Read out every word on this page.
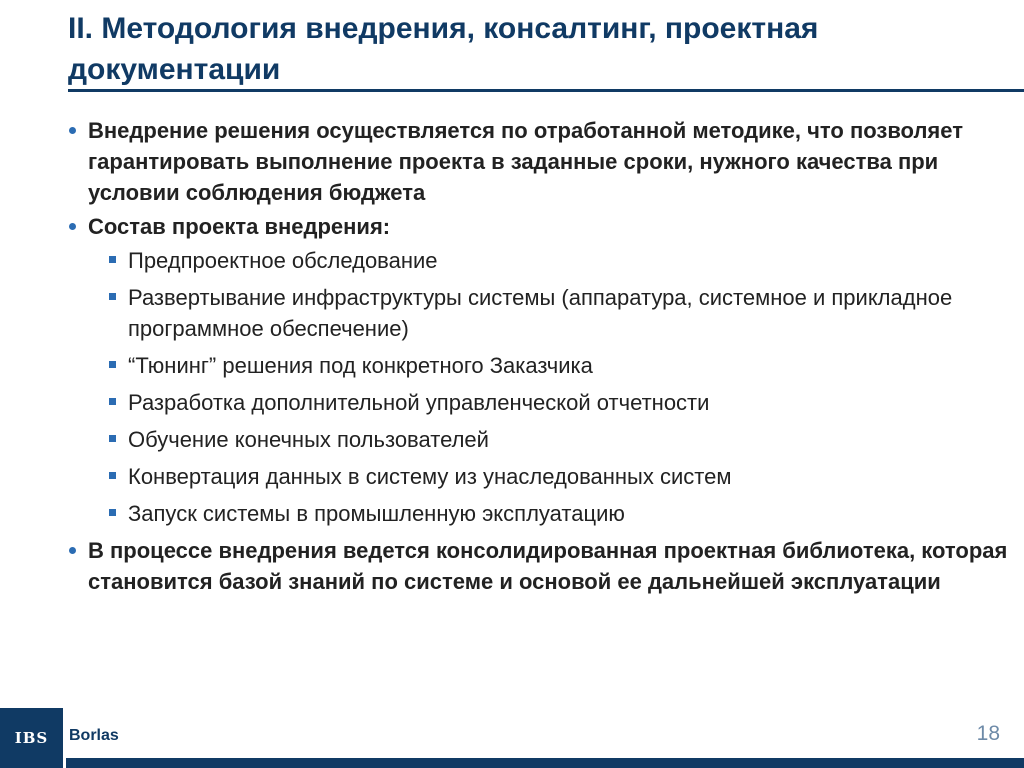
II. Методология внедрения, консалтинг, проектная документации
Внедрение решения осуществляется по отработанной методике, что позволяет гарантировать выполнение проекта в заданные сроки, нужного качества при условии соблюдения бюджета
Состав проекта внедрения:
Предпроектное обследование
Развертывание инфраструктуры системы (аппаратура, системное и прикладное программное обеспечение)
“Тюнинг” решения под конкретного Заказчика
Разработка дополнительной управленческой отчетности
Обучение конечных пользователей
Конвертация данных в систему из унаследованных систем
Запуск системы в промышленную эксплуатацию
В процессе внедрения ведется консолидированная проектная библиотека, которая становится базой знаний по системе и основой ее дальнейшей эксплуатации
IBS	Borlas	18
